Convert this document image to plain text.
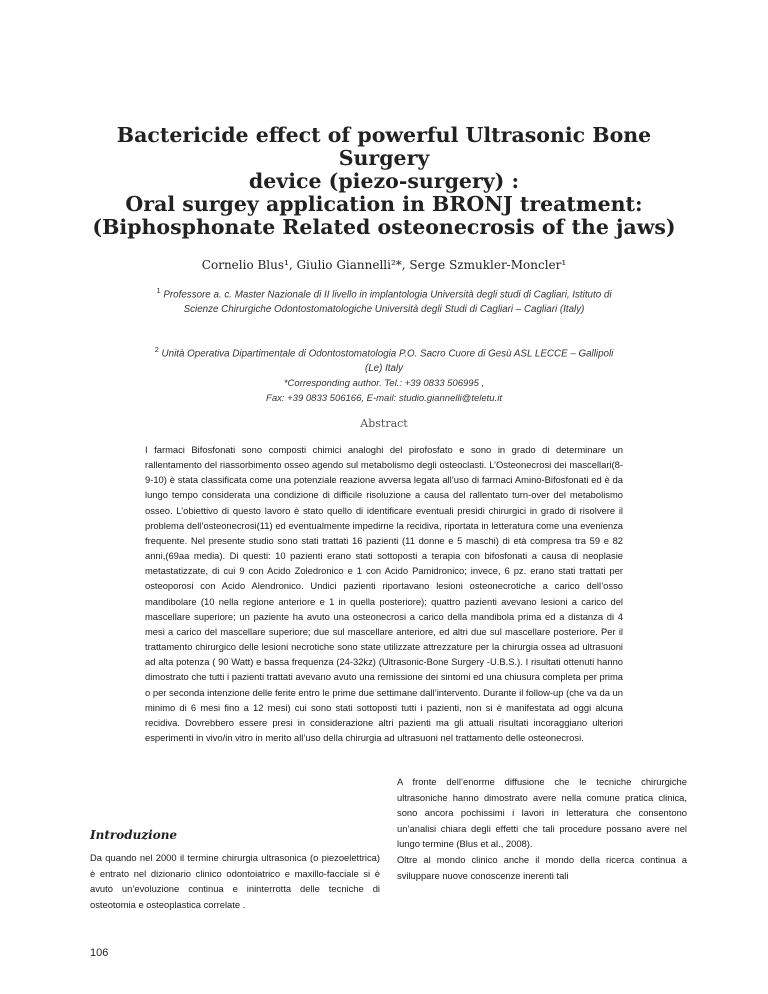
Bactericide effect of powerful Ultrasonic Bone Surgery
device (piezo-surgery) :
Oral surgey application in BRONJ treatment:
(Biphosphonate Related osteonecrosis of the jaws)
Cornelio Blus¹, Giulio Giannelli²*, Serge Szmukler-Moncler¹
$^1$ Professore a. c. Master Nazionale di II livello in implantologia Università degli studi di Cagliari, Istituto di Scienze Chirurgiche Odontostomatologiche Università degli Studi di Cagliari – Cagliari (Italy)
$^2$ Unità Operativa Dipartimentale di Odontostomatologia P.O. Sacro Cuore di Gesù ASL LECCE – Gallipoli (Le) Italy
*Corresponding author. Tel.: +39 0833 506995 ,
Fax: +39 0833 506166, E-mail: studio.giannelli@teletu.it
Abstract

I farmaci Bifosfonati sono composti chimici analoghi del pirofosfato e sono in grado di determinare un rallentamento del riassorbimento osseo agendo sul metabolismo degli osteoclasti. L’Osteonecrosi dei mascellari(8-9-10) è stata classificata come una potenziale reazione avversa legata all’uso di farmaci Amino-Bifosfonati ed è da lungo tempo considerata una condizione di difficile risoluzione a causa del rallentato turn-over del metabolismo osseo. L’obiettivo di questo lavoro è stato quello di identificare eventuali presidi chirurgici in grado di risolvere il problema dell’osteonecrosi(11) ed eventualmente impedirne la recidiva, riportata in letteratura come una evenienza frequente. Nel presente studio sono stati trattati 16 pazienti (11 donne e 5 maschi) di età compresa tra 59 e 82 anni,(69aa media). Di questi: 10 pazienti erano stati sottoposti a terapia con bifosfonati a causa di neoplasie metastatizzate, di cui 9 con Acido Zoledronico e 1 con Acido Pamidronico; invece, 6 pz. erano stati trattati per osteoporosi con Acido Alendronico. Undici pazienti riportavano lesioni osteonecrotiche a carico dell’osso mandibolare (10 nella regione anteriore e 1 in quella posteriore); quattro pazienti avevano lesioni a carico del mascellare superiore; un paziente ha avuto una osteonecrosi a carico della mandibola prima ed a distanza di 4 mesi a carico del mascellare superiore; due sul mascellare anteriore, ed altri due sul mascellare posteriore. Per il trattamento chirurgico delle lesioni necrotiche sono state utilizzate attrezzature per la chirurgia ossea ad ultrasuoni ad alta potenza ( 90 Watt) e bassa frequenza (24-32kz) (Ultrasonic-Bone Surgery -U.B.S.). I risultati ottenuti hanno dimostrato che tutti i pazienti trattati avevano avuto una remissione dei sintomi ed una chiusura completa per prima o per seconda intenzione delle ferite entro le prime due settimane dall’intervento. Durante il follow-up (che va da un minimo di 6 mesi fino a 12 mesi) cui sono stati sottoposti tutti i pazienti, non si è manifestata ad oggi alcuna recidiva. Dovrebbero essere presi in considerazione altri pazienti ma gli attuali risultati incoraggiano ulteriori esperimenti in vivo/in vitro in merito all’uso della chirurgia ad ultrasuoni nel trattamento delle osteonecrosi.

Introduzione

Da quando nel 2000 il termine chirurgia ultrasonica (o piezoelettrica) è entrato nel dizionario clinico odontoiatrico e maxillo-facciale si è avuto un’evoluzione continua e ininterrotta delle tecniche di osteotomia e osteoplastica correlate .

A fronte dell’enorme diffusione che le tecniche chirurgiche ultrasoniche hanno dimostrato avere nella comune pratica clinica, sono ancora pochissimi i lavori in letteratura che consentono un’analisi chiara degli effetti che tali procedure possano avere nel lungo termine (Blus et al., 2008).

Oltre al mondo clinico anche il mondo della ricerca continua a sviluppare nuove conoscenze inerenti tali

106
